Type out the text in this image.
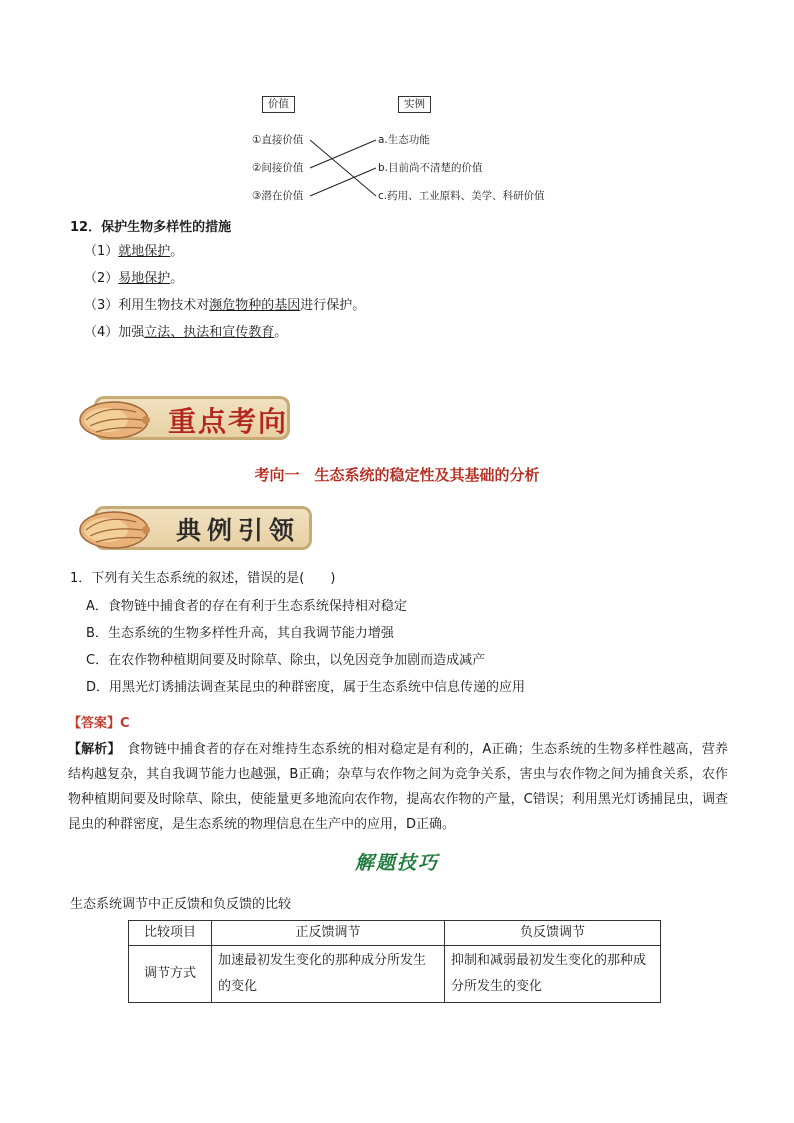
价值	实例
①直接价值
②间接价值
③潜在价值
a.生态功能
b.目前尚不清楚的价值
c.药用、工业原料、美学、科研价值
12．保护生物多样性的措施
（1）就地保护。
（2）易地保护。
（3）利用生物技术对濒危物种的基因进行保护。
（4）加强立法、执法和宣传教育。
重点考向
考向一　生态系统的稳定性及其基础的分析
典例引领
1．下列有关生态系统的叙述，错误的是(　　)
A．食物链中捕食者的存在有利于生态系统保持相对稳定
B．生态系统的生物多样性升高，其自我调节能力增强
C．在农作物种植期间要及时除草、除虫，以免因竞争加剧而造成减产
D．用黑光灯诱捕法调查某昆虫的种群密度，属于生态系统中信息传递的应用
【答案】C
【解析】　食物链中捕食者的存在对维持生态系统的相对稳定是有利的，A正确；生态系统的生物多样性越高，营养结构越复杂，其自我调节能力也越强，B正确；杂草与农作物之间为竞争关系，害虫与农作物之间为捕食关系，农作物种植期间要及时除草、除虫，使能量更多地流向农作物，提高农作物的产量，C错误；利用黑光灯诱捕昆虫，调查昆虫的种群密度，是生态系统的物理信息在生产中的应用，D正确。
解题技巧
生态系统调节中正反馈和负反馈的比较
比较项目	正反馈调节	负反馈调节
调节方式	加速最初发生变化的那种成分所发生的变化	抑制和减弱最初发生变化的那种成分所发生的变化
